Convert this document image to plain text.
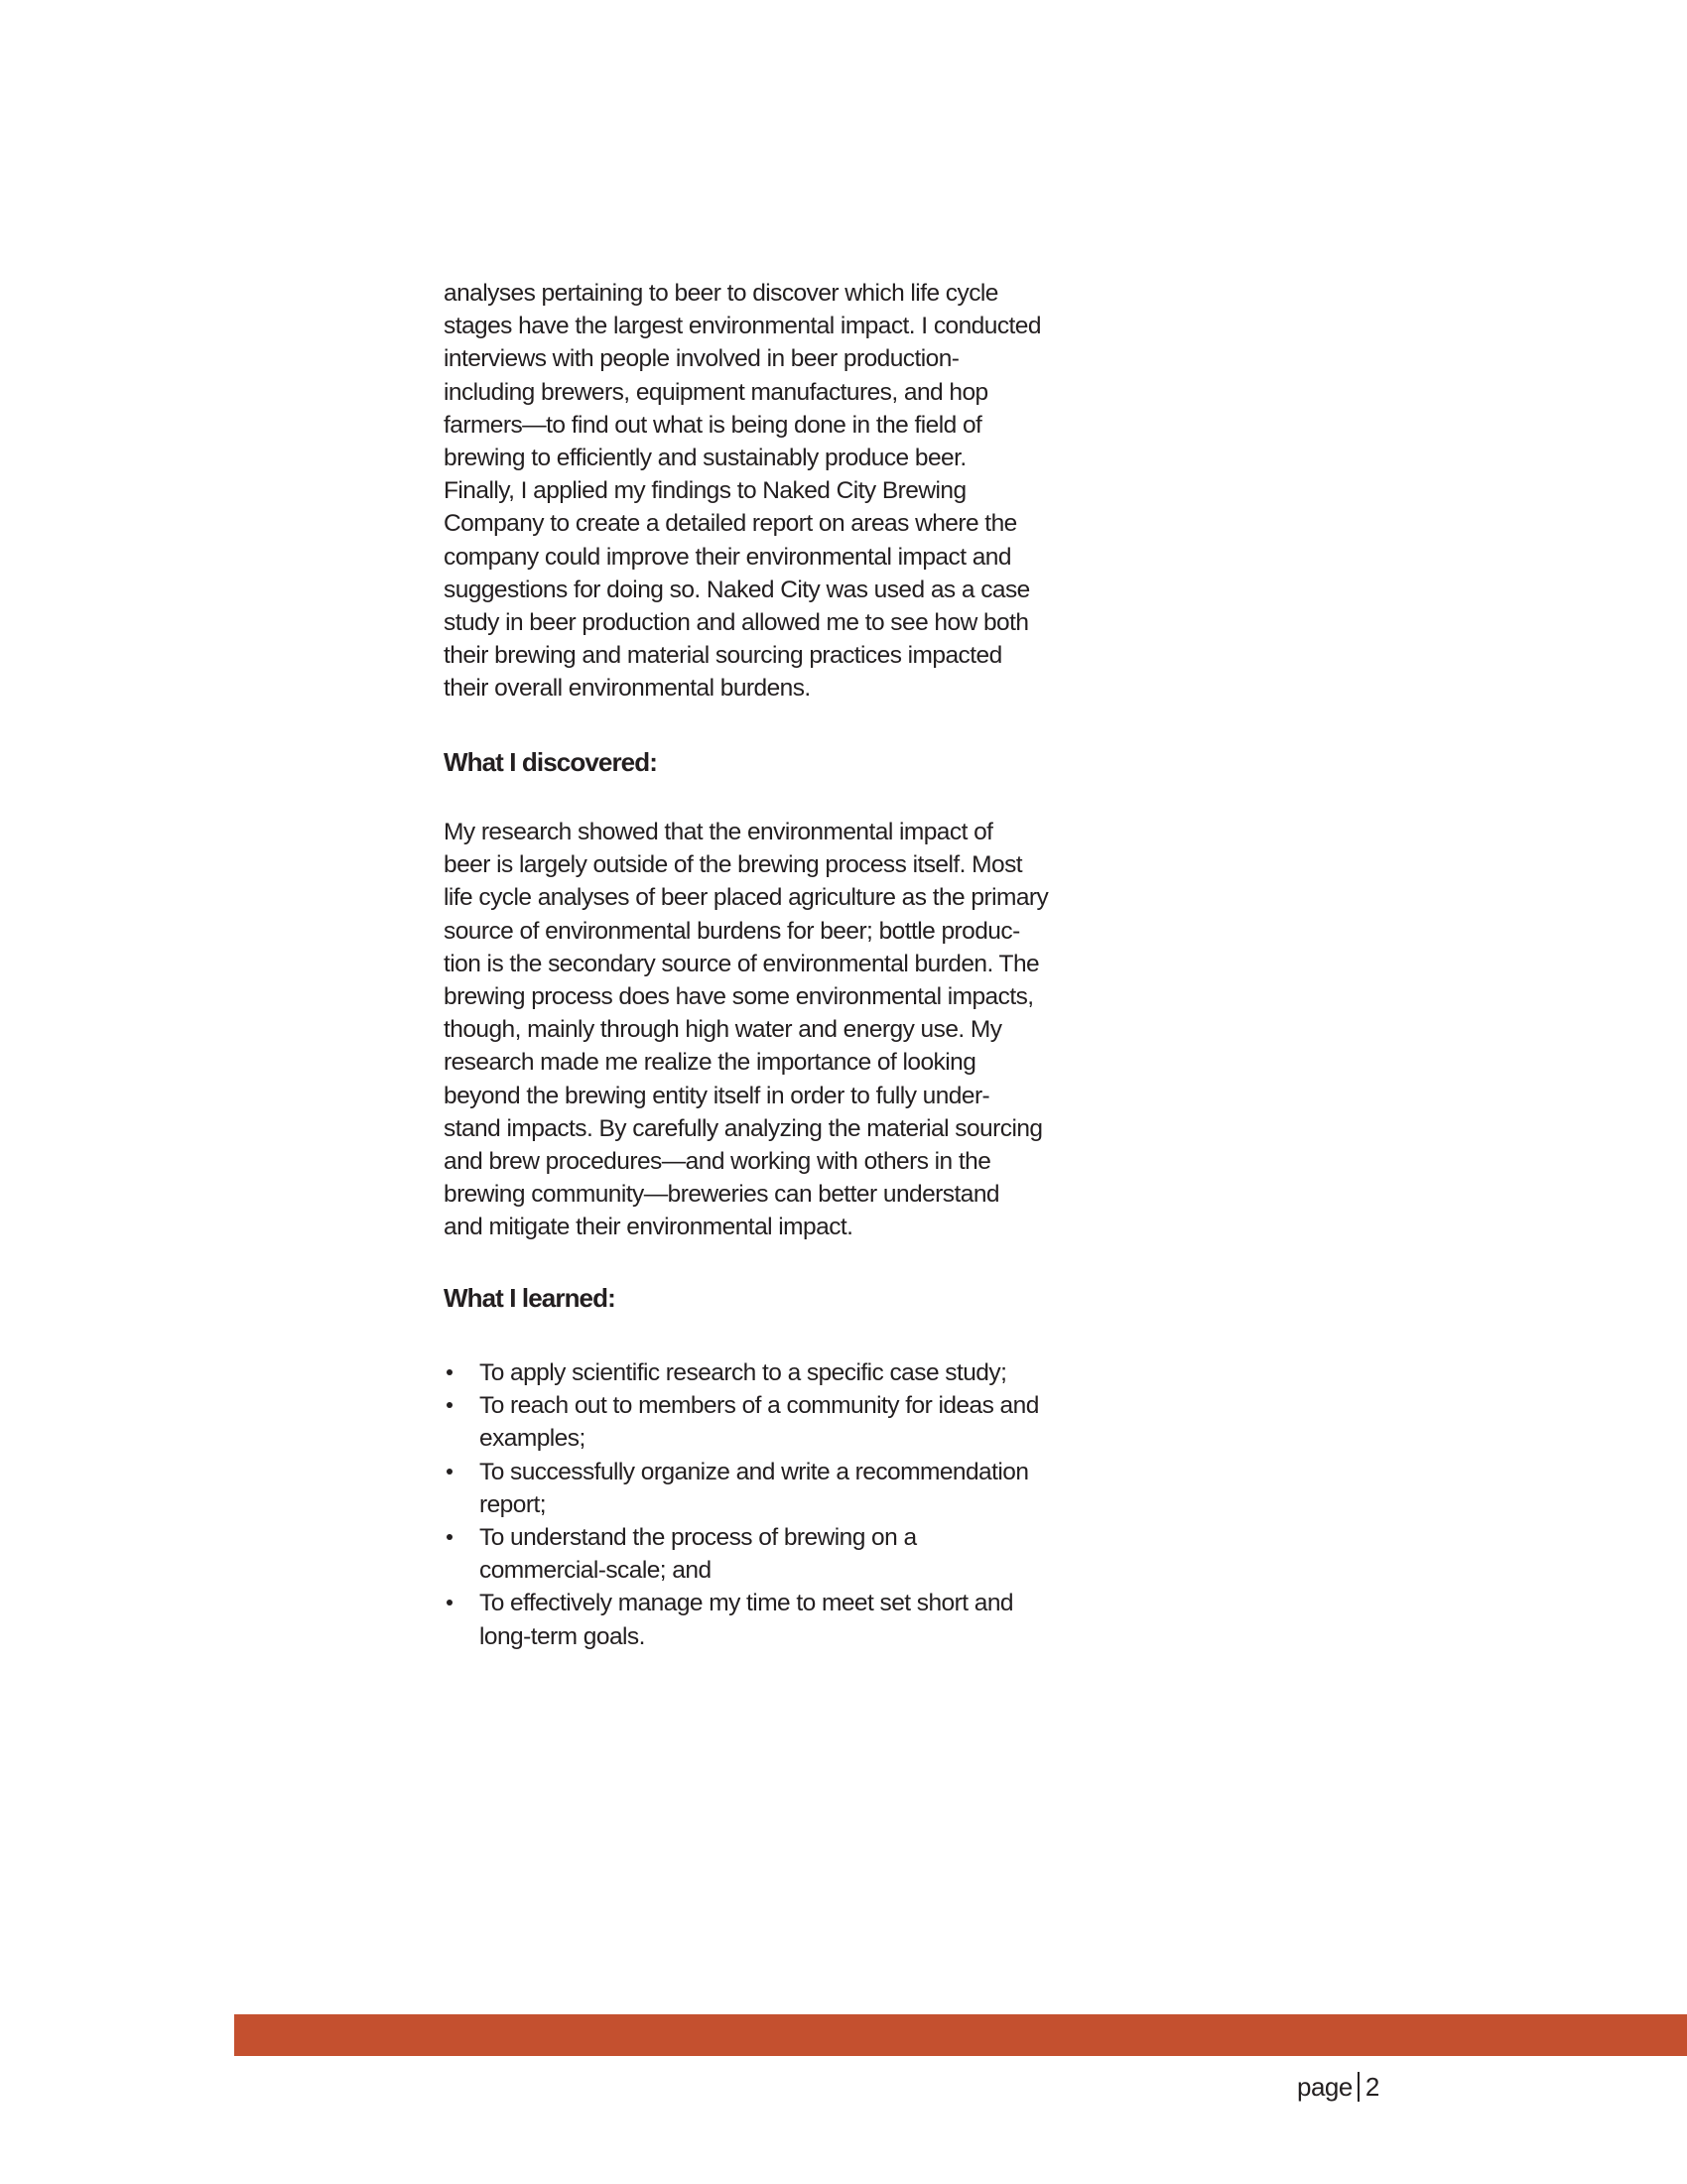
analyses pertaining to beer to discover which life cycle
stages have the largest environmental impact. I conducted
interviews with people involved in beer production-
including brewers, equipment manufactures, and hop
farmers—to find out what is being done in the field of
brewing to efficiently and sustainably produce beer.
Finally, I applied my findings to Naked City Brewing
Company to create a detailed report on areas where the
company could improve their environmental impact and
suggestions for doing so. Naked City was used as a case
study in beer production and allowed me to see how both
their brewing and material sourcing practices impacted
their overall environmental burdens.
What I discovered:
My research showed that the environmental impact of
beer is largely outside of the brewing process itself. Most
life cycle analyses of beer placed agriculture as the primary
source of environmental burdens for beer; bottle produc-
tion is the secondary source of environmental burden. The
brewing process does have some environmental impacts,
though, mainly through high water and energy use. My
research made me realize the importance of looking
beyond the brewing entity itself in order to fully under-
stand impacts. By carefully analyzing the material sourcing
and brew procedures—and working with others in the
brewing community—breweries can better understand
and mitigate their environmental impact.
What I learned:
To apply scientific research to a specific case study;
To reach out to members of a community for ideas and
examples;
To successfully organize and write a recommendation
report;
To understand the process of brewing on a
commercial-scale; and
To effectively manage my time to meet set short and
long-term goals.
page 2
